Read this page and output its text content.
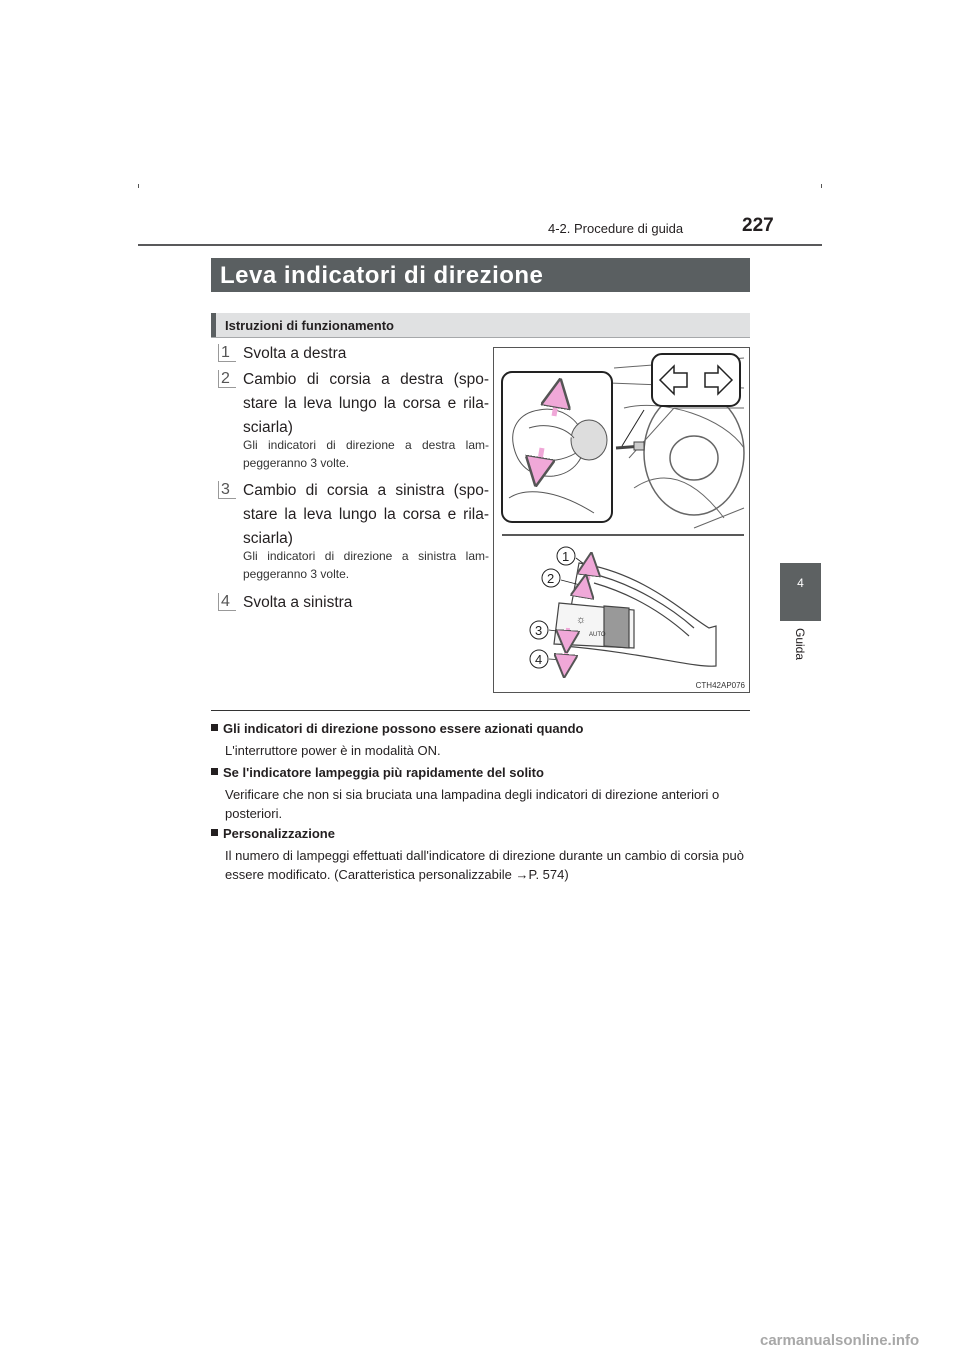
4-2. Procedure di guida	227
4
Guida
Leva indicatori di direzione
Istruzioni di funzionamento
1 Svolta a destra
2 Cambio di corsia a destra (spo-stare la leva lungo la corsa e rila-sciarla)
Gli indicatori di direzione a destra lam-peggeranno 3 volte.
3 Cambio di corsia a sinistra (spo-stare la leva lungo la corsa e rila-sciarla)
Gli indicatori di direzione a sinistra lam-peggeranno 3 volte.
4 Svolta a sinistra
AUTO
☼
1
2
3
4
CTH42AP076
Gli indicatori di direzione possono essere azionati quando
L'interruttore power è in modalità ON.
Se l'indicatore lampeggia più rapidamente del solito
Verificare che non si sia bruciata una lampadina degli indicatori di direzione anteriori o posteriori.
Personalizzazione
Il numero di lampeggi effettuati dall'indicatore di direzione durante un cambio di corsia può essere modificato. (Caratteristica personalizzabile →P. 574)
carmanualsonline.info
